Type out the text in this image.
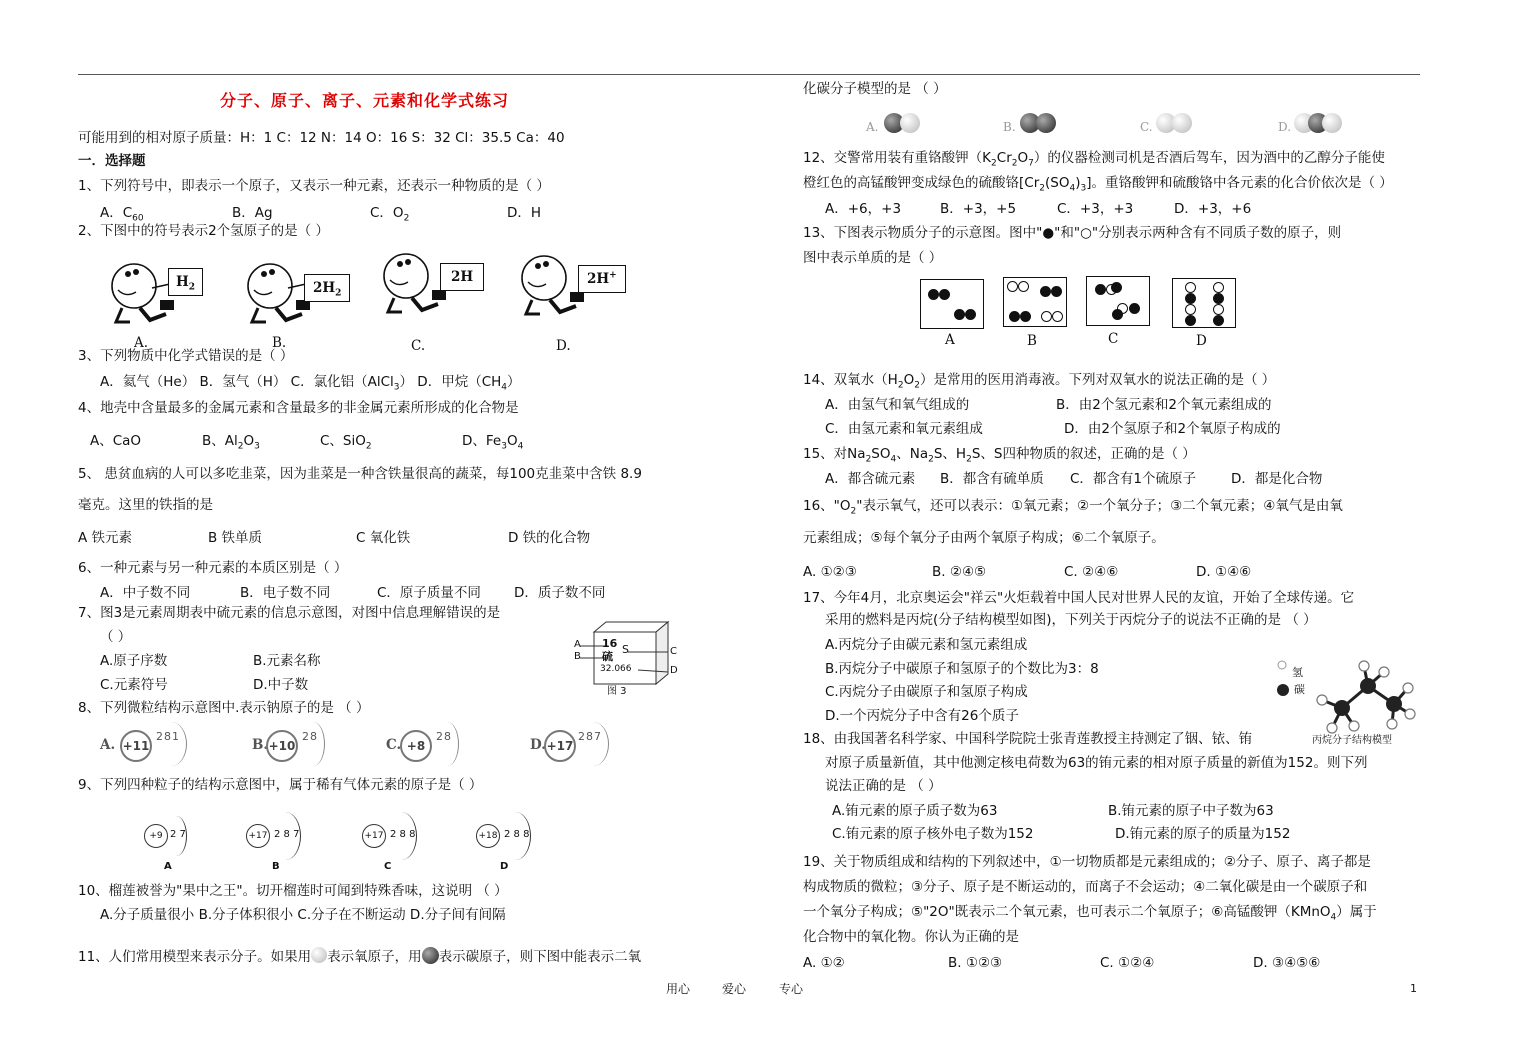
分子、原子、离子、元素和化学式练习
可能用到的相对原子质量：H：1 C：12 N：14 O：16 S：32 Cl：35.5 Ca：40
一．选择题
1、下列符号中，即表示一个原子，又表示一种元素，还表示一种物质的是（ ）
A．$C_{60}$	B．Ag	C．$O_2$	D．H
2、下图中的符号表示2个氢原子的是（ ）
$H_2$	$2H_2$
2H	2H+
A.	B.	C.	D.
3、下列物质中化学式错误的是（ ）
A．氦气（He） B．氢气（H） C．氯化铝（AlCl$_3$） D．甲烷$(CH_4)$
4、地壳中含量最多的金属元素和含量最多的非金属元素所形成的化合物是
A、CaO	B、$Al_2O_3$	C、SiO$_2$	D、$Fe_3O_4$
5、 患贫血病的人可以多吃韭菜，因为韭菜是一种含铁量很高的蔬菜，每100克韭菜中含铁 8.9
毫克。这里的铁指的是
A 铁元素	B 铁单质	C 氧化铁	D 铁的化合物
6、一种元素与另一种元素的本质区别是（ ）
A．中子数不同	B．电子数不同	C．原子质量不同 D．质子数不同
7、图3是元素周期表中硫元素的信息示意图，对图中信息理解错误的是
（ ）
A.原子序数	B.元素名称
C.元素符号	D.中子数
16 S
硫
32.066
A
B	C
D
图 3
8、下列微粒结构示意图中.表示钠原子的是 （ ）
A. +11
281
B. +10
28
C. +8
28
D. +17
287
9、下列四种粒子的结构示意图中，属于稀有气体元素的原子是（ ）
+9 2 7
A
+17 2 8 7
B
+17 2 8 8
C
+18 2 8 8
D
10、榴莲被誉为"果中之王"。切开榴莲时可闻到特殊香味，这说明 （ ）
A.分子质量很小 B.分子体积很小 C.分子在不断运动 D.分子间有间隔
11、人们常用模型来表示分子。如果用 表示氧原子，用 表示碳原子，则下图中能表示二氧
化碳分子模型的是 （ ）
A.	B.	C.	D.
12、交警常用装有重铬酸钾$(K_2Cr_2O_7)$的仪器检测司机是否酒后驾车，因为酒中的乙醇分子能使
橙红色的高锰酸钾变成绿色的硫酸铬$[Cr_2(SO_4)_3]$。重铬酸钾和硫酸铬中各元素的化合价依次是（ ）
A．+6，+3	B．+3，+5	C．+3，+3	D．+3，+6
13、下图表示物质分子的示意图。图中"●"和"○"分别表示两种含有不同质子数的原子，则
图中表示单质的是（ ）
A	B	C	D
14、双氧水$(H_2O_2)$是常用的医用消毒液。下列对双氧水的说法正确的是（ ）
A．由氢气和氧气组成的	B．由2个氢元素和2个氧元素组成的
C．由氢元素和氧元素组成	D．由2个氢原子和2个氧原子构成的
15、对$Na_2SO_4$、$Na_2S$、$H_2S$、S四种物质的叙述，正确的是（ ）
A．都含硫元素 B．都含有硫单质 C．都含有1个硫原子	D．都是化合物
16、"$O_2$"表示氧气，还可以表示：①氧元素；②一个氧分子；③二个氧元素；④氧气是由氧
元素组成；⑤每个氧分子由两个氧原子构成；⑥二个氧原子。
A. ①②③	B. ②④⑤	C. ②④⑥	D. ①④⑥
17、今年4月，北京奥运会"祥云"火炬载着中国人民对世界人民的友谊，开始了全球传递。它
采用的燃料是丙烷(分子结构模型如图)，下列关于丙烷分子的说法不正确的是 （ ）
A.丙烷分子由碳元素和氢元素组成
B.丙烷分子中碳原子和氢原子的个数比为3：8
C.丙烷分子由碳原子和氢原子构成
D.一个丙烷分子中含有26个质子
氢
碳
丙烷分子结构模型
18、由我国著名科学家、中国科学院院士张青莲教授主持测定了铟、铱、铕
对原子质量新值，其中他测定核电荷数为63的铕元素的相对原子质量的新值为152。则下列
说法正确的是 （ ）
A.铕元素的原子质子数为63	B.铕元素的原子中子数为63
C.铕元素的原子核外电子数为152	D.铕元素的原子的质量为152
19、关于物质组成和结构的下列叙述中，①一切物质都是元素组成的；②分子、原子、离子都是
构成物质的微粒；③分子、原子是不断运动的，而离子不会运动；④二氧化碳是由一个碳原子和
一个氧分子构成；⑤"2O"既表示二个氧元素，也可表示二个氧原子；⑥高锰酸钾（KMnO$_4$）属于
化合物中的氧化物。你认为正确的是
A. ①②	B. ①②③	C. ①②④	D. ③④⑤⑥
用心	爱心	专心	1
